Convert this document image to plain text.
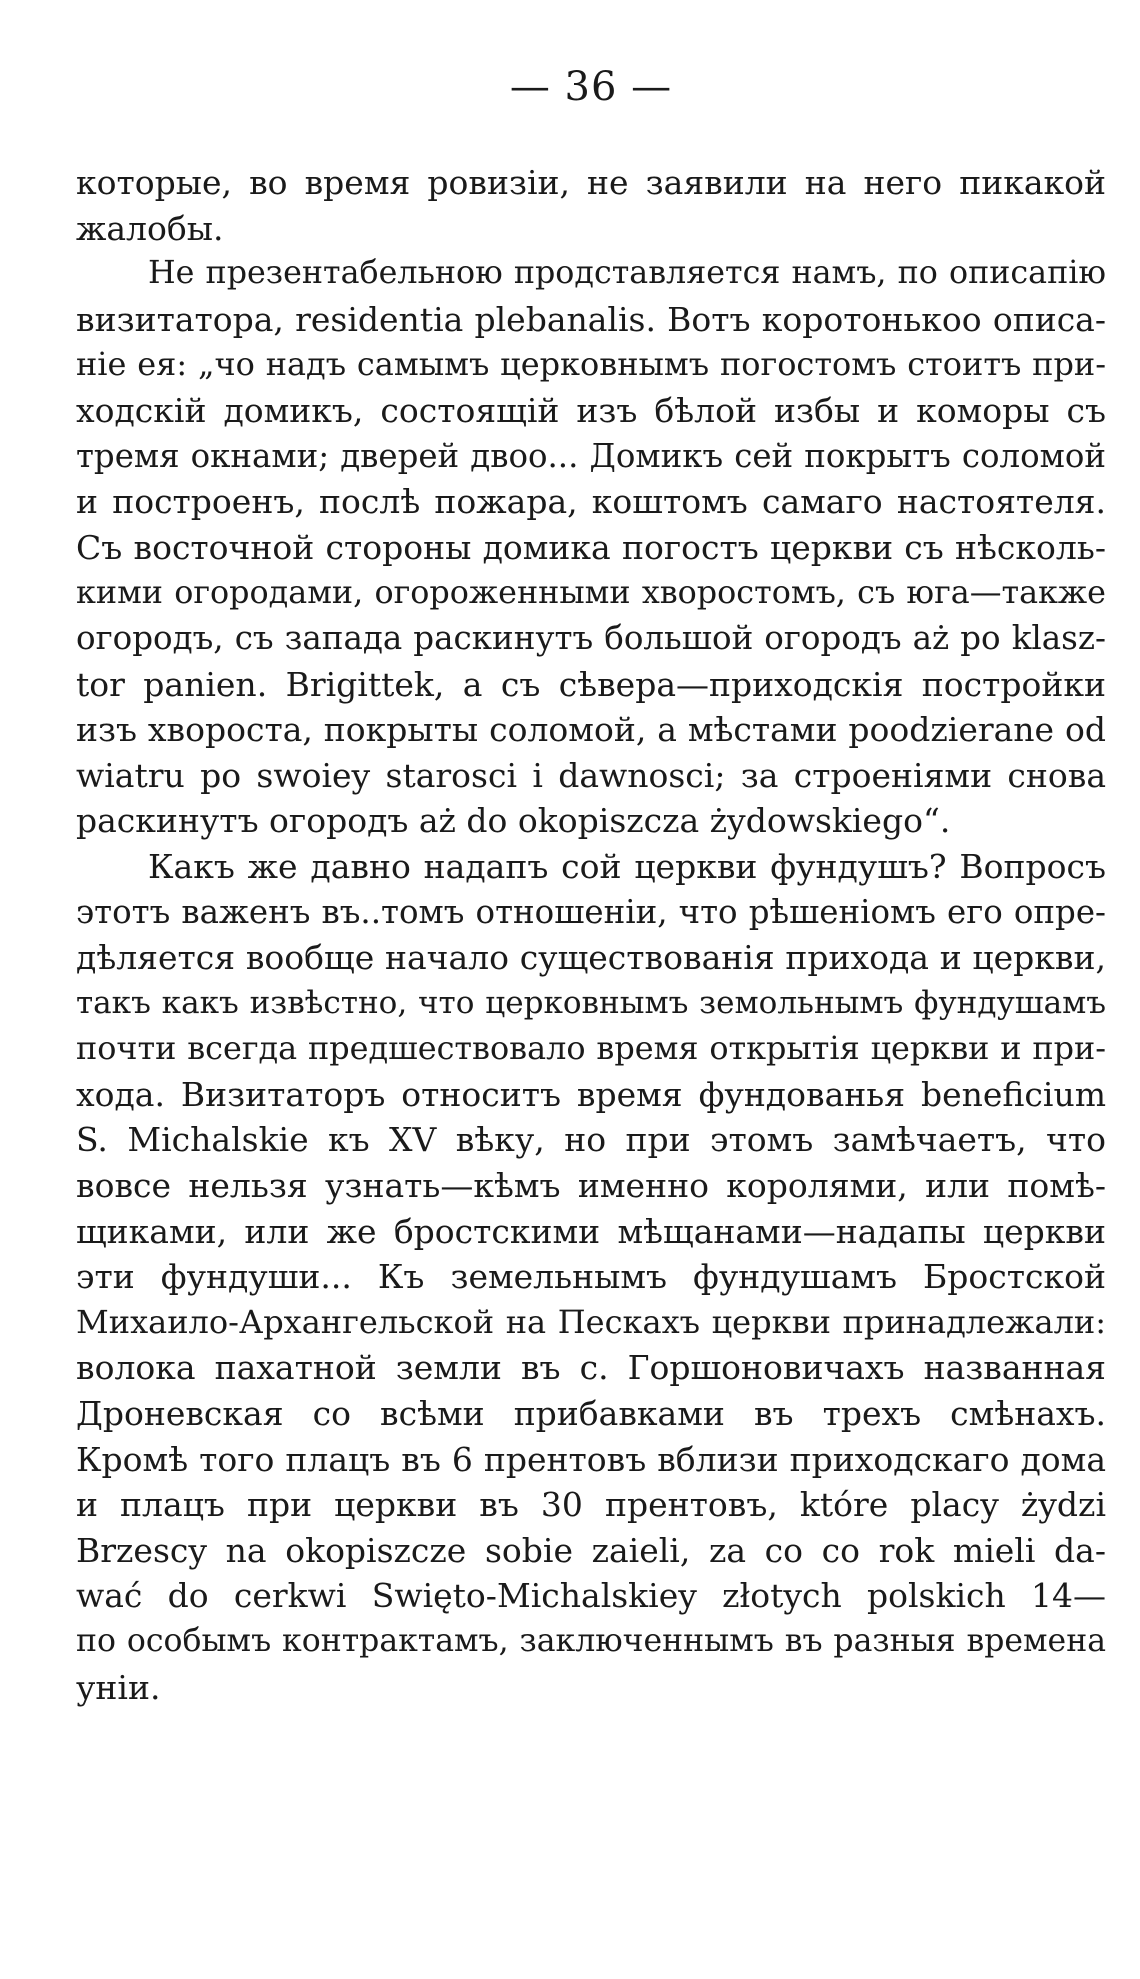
— 36 —
которые, во время ровизіи, не заявили на него пикакой
жалобы.
Не презентабельною продставляется намъ, по описапію
визитатора, residentia plebanalis. Вотъ коротонькоо описа-
ніе ея: „чо надъ самымъ церковнымъ погостомъ стоитъ при-
ходскій домикъ, состоящій изъ бѣлой избы и коморы съ
тремя окнами; дверей двоо... Домикъ сей покрытъ соломой
и построенъ, послѣ пожара, коштомъ самаго настоятеля.
Съ восточной стороны домика погостъ церкви съ нѣсколь-
кими огородами, огороженными хворостомъ, съ юга—также
огородъ, съ запада раскинутъ большой огородъ aż po klasz-
tor panien. Brigittek, а съ сѣвера—приходскія постройки
изъ хвороста, покрыты соломой, а мѣстами poodzierane od
wiatru po swoiey starosci i dawnosci; за строеніями снова
раскинутъ огородъ aż do okopiszcza żydowskiego“.
Какъ же давно надапъ сой церкви фундушъ? Вопросъ
этотъ важенъ въ..томъ отношеніи, что рѣшеніомъ его опре-
дѣляется вообще начало существованія прихода и церкви,
такъ какъ извѣстно, что церковнымъ земольнымъ фундушамъ
почти всегда предшествовало время открытія церкви и при-
хода. Визитаторъ относитъ время фундованья beneficium
S. Michalskie къ XV вѣку, но при этомъ замѣчаетъ, что
вовсе нельзя узнать—кѣмъ именно королями, или помѣ-
щиками, или же бростскими мѣщанами—надапы церкви
эти фундуши... Къ земельнымъ фундушамъ Бростской
Михаило-Архангельской на Пескахъ церкви принадлежали:
волока пахатной земли въ с. Горшоновичахъ названная
Дроневская со всѣми прибавками въ трехъ смѣнахъ.
Кромѣ того плацъ въ 6 прентовъ вблизи приходскаго дома
и плацъ при церкви въ 30 прентовъ, które placy żydzi
Brzescy na okopiszcze sobie zaieli, za co co rok mieli da-
wać do cerkwi Swięto-Michalskiey złotych polskich 14—
по особымъ контрактамъ, заключеннымъ въ разныя времена
уніи.
